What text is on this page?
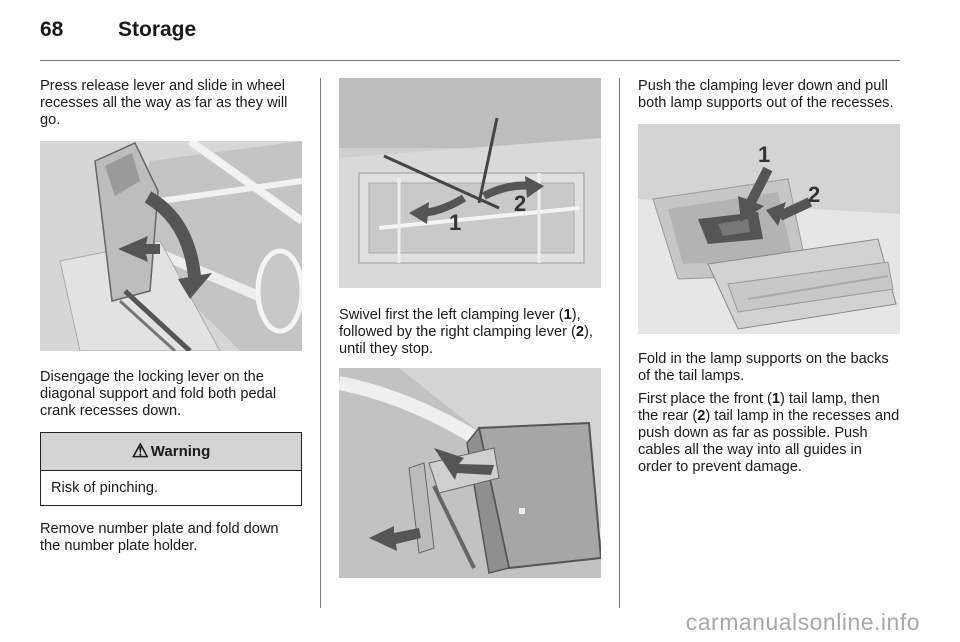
68	Storage

Press release lever and slide in wheel recesses all the way as far as they will go.

Disengage the locking lever on the diagonal support and fold both pedal crank recesses down.

⚠ Warning
Risk of pinching.

Remove number plate and fold down the number plate holder.

1
2

Swivel first the left clamping lever (1), followed by the right clamping lever (2), until they stop.

Push the clamping lever down and pull both lamp supports out of the recesses.

1
2

Fold in the lamp supports on the backs of the tail lamps.

First place the front (1) tail lamp, then the rear (2) tail lamp in the recesses and push down as far as possible. Push cables all the way into all guides in order to prevent damage.

carmanualsonline.info
